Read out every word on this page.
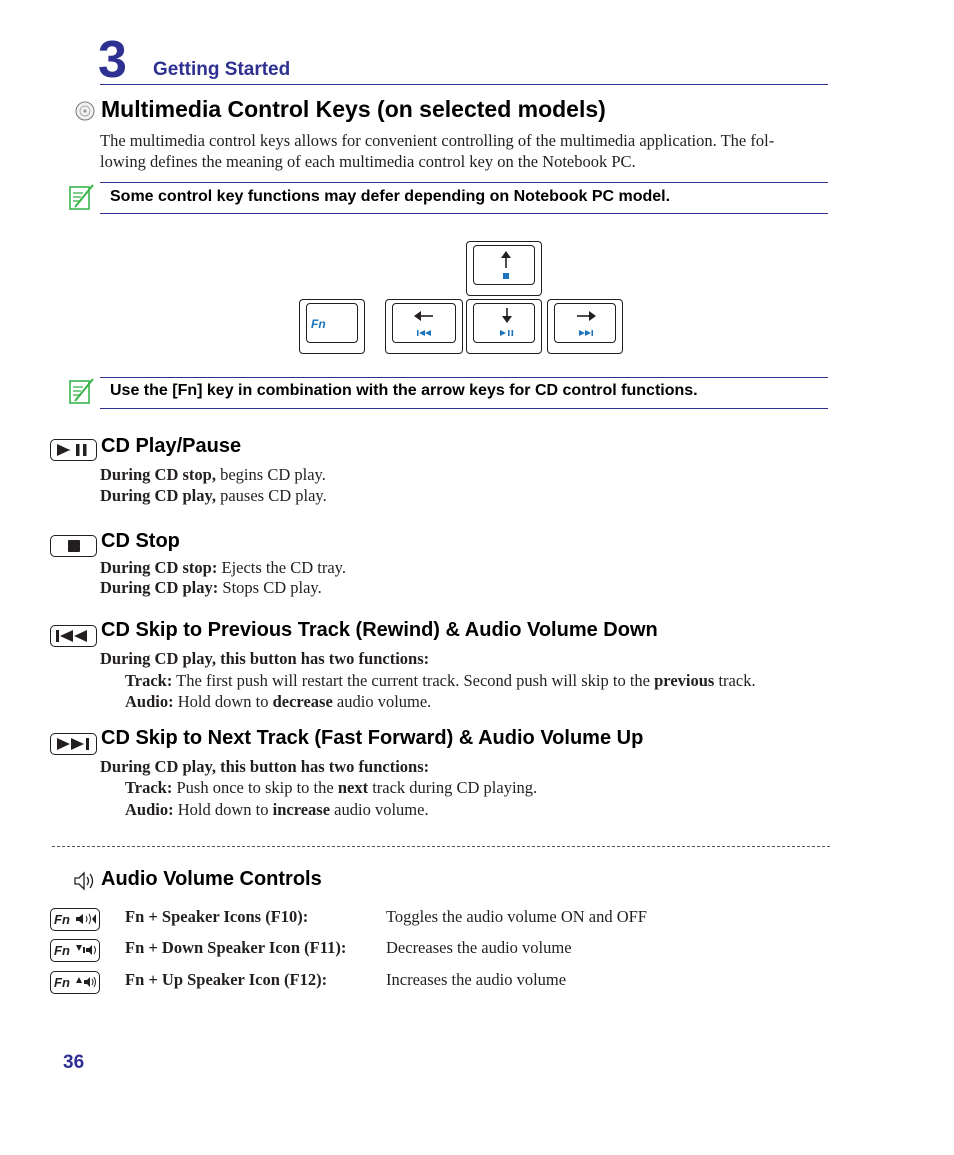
3 Getting Started
Multimedia Control Keys (on selected models)
The multimedia control keys allows for convenient controlling of the multimedia application. The fol-
lowing defines the meaning of each multimedia control key on the Notebook PC.
Some control key functions may defer depending on Notebook PC model.
Fn
Use the [Fn] key in combination with the arrow keys for CD control functions.
CD Play/Pause
During CD stop, begins CD play.
During CD play, pauses CD play.
CD Stop
During CD stop: Ejects the CD tray.
During CD play: Stops CD play.
CD Skip to Previous Track (Rewind) & Audio Volume Down
During CD play, this button has two functions:
Track: The first push will restart the current track. Second push will skip to the previous track.
Audio: Hold down to decrease audio volume.
CD Skip to Next Track (Fast Forward) & Audio Volume Up
During CD play, this button has two functions:
Track: Push once to skip to the next track during CD playing.
Audio: Hold down to increase audio volume.
Audio Volume Controls
Fn	Fn + Speaker Icons (F10):	Toggles the audio volume ON and OFF
Fn	Fn + Down Speaker Icon (F11): Decreases the audio volume
Fn	Fn + Up Speaker Icon (F12):	Increases the audio volume
36
